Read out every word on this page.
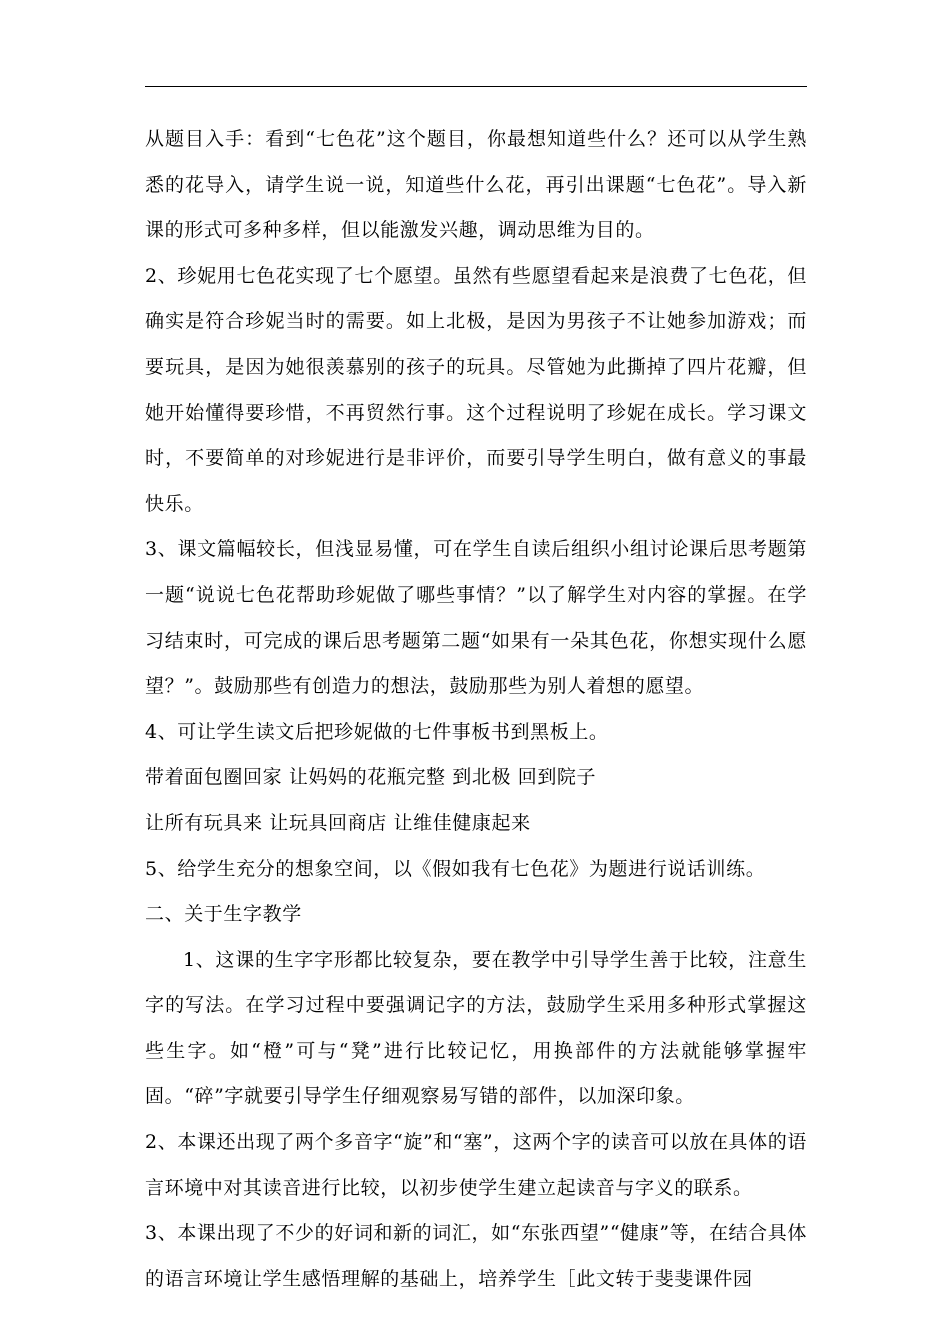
从题目入手：看到“七色花”这个题目，你最想知道些什么？还可以从学生熟悉的花导入，请学生说一说，知道些什么花，再引出课题“七色花”。导入新课的形式可多种多样，但以能激发兴趣，调动思维为目的。

2、珍妮用七色花实现了七个愿望。虽然有些愿望看起来是浪费了七色花，但确实是符合珍妮当时的需要。如上北极，是因为男孩子不让她参加游戏；而要玩具，是因为她很羡慕别的孩子的玩具。尽管她为此撕掉了四片花瓣，但她开始懂得要珍惜，不再贸然行事。这个过程说明了珍妮在成长。学习课文时，不要简单的对珍妮进行是非评价，而要引导学生明白，做有意义的事最快乐。

3、课文篇幅较长，但浅显易懂，可在学生自读后组织小组讨论课后思考题第一题“说说七色花帮助珍妮做了哪些事情？”以了解学生对内容的掌握。在学习结束时，可完成的课后思考题第二题“如果有一朵其色花，你想实现什么愿望？”。鼓励那些有创造力的想法，鼓励那些为别人着想的愿望。

4、可让学生读文后把珍妮做的七件事板书到黑板上。

带着面包圈回家 让妈妈的花瓶完整 到北极 回到院子

让所有玩具来 让玩具回商店 让维佳健康起来

5、给学生充分的想象空间，以《假如我有七色花》为题进行说话训练。

二、关于生字教学

1、这课的生字字形都比较复杂，要在教学中引导学生善于比较，注意生字的写法。在学习过程中要强调记字的方法，鼓励学生采用多种形式掌握这些生字。如“橙”可与“凳”进行比较记忆，用换部件的方法就能够掌握牢固。“碎”字就要引导学生仔细观察易写错的部件，以加深印象。

2、本课还出现了两个多音字“旋”和“塞”，这两个字的读音可以放在具体的语言环境中对其读音进行比较，以初步使学生建立起读音与字义的联系。

3、本课出现了不少的好词和新的词汇，如“东张西望”“健康”等，在结合具体的语言环境让学生感悟理解的基础上，培养学生［此文转于斐斐课件园
